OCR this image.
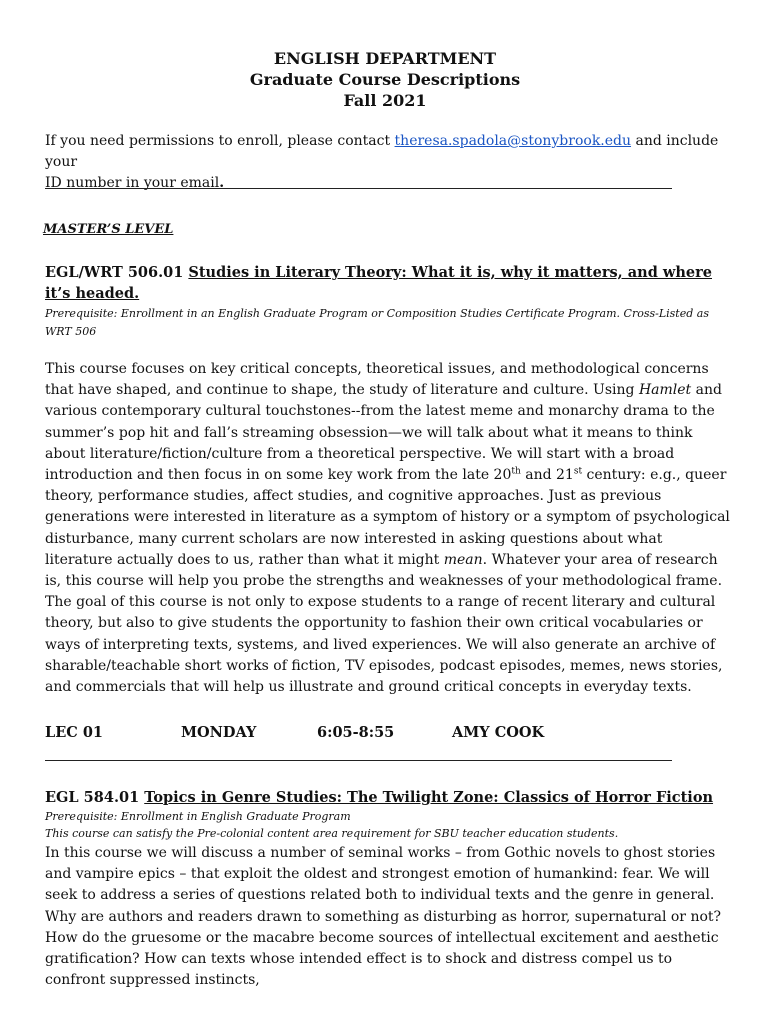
ENGLISH DEPARTMENT
Graduate Course Descriptions
Fall 2021

If you need permissions to enroll, please contact theresa.spadola@stonybrook.edu and include your
ID number in your email.

MASTER’S LEVEL

EGL/WRT 506.01 Studies in Literary Theory: What it is, why it matters, and where it’s headed.

Prerequisite: Enrollment in an English Graduate Program or Composition Studies Certificate Program. Cross-Listed as WRT 506

This course focuses on key critical concepts, theoretical issues, and methodological concerns that have shaped, and continue to shape, the study of literature and culture. Using Hamlet and various contemporary cultural touchstones--from the latest meme and monarchy drama to the summer’s pop hit and fall’s streaming obsession—we will talk about what it means to think about literature/fiction/culture from a theoretical perspective. We will start with a broad introduction and then focus in on some key work from the late 20th and 21st century: e.g., queer theory, performance studies, affect studies, and cognitive approaches. Just as previous generations were interested in literature as a symptom of history or a symptom of psychological disturbance, many current scholars are now interested in asking questions about what literature actually does to us, rather than what it might mean. Whatever your area of research is, this course will help you probe the strengths and weaknesses of your methodological frame. The goal of this course is not only to expose students to a range of recent literary and cultural theory, but also to give students the opportunity to fashion their own critical vocabularies or ways of interpreting texts, systems, and lived experiences. We will also generate an archive of sharable/teachable short works of fiction, TV episodes, podcast episodes, memes, news stories, and commercials that will help us illustrate and ground critical concepts in everyday texts.

LEC 01	MONDAY	6:05-8:55	AMY COOK

EGL 584.01 Topics in Genre Studies: The Twilight Zone: Classics of Horror Fiction

Prerequisite: Enrollment in English Graduate Program

This course can satisfy the Pre-colonial content area requirement for SBU teacher education students.

In this course we will discuss a number of seminal works – from Gothic novels to ghost stories and vampire epics – that exploit the oldest and strongest emotion of humankind: fear. We will seek to address a series of questions related both to individual texts and the genre in general. Why are authors and readers drawn to something as disturbing as horror, supernatural or not? How do the gruesome or the macabre become sources of intellectual excitement and aesthetic gratification? How can texts whose intended effect is to shock and distress compel us to confront suppressed instincts,
